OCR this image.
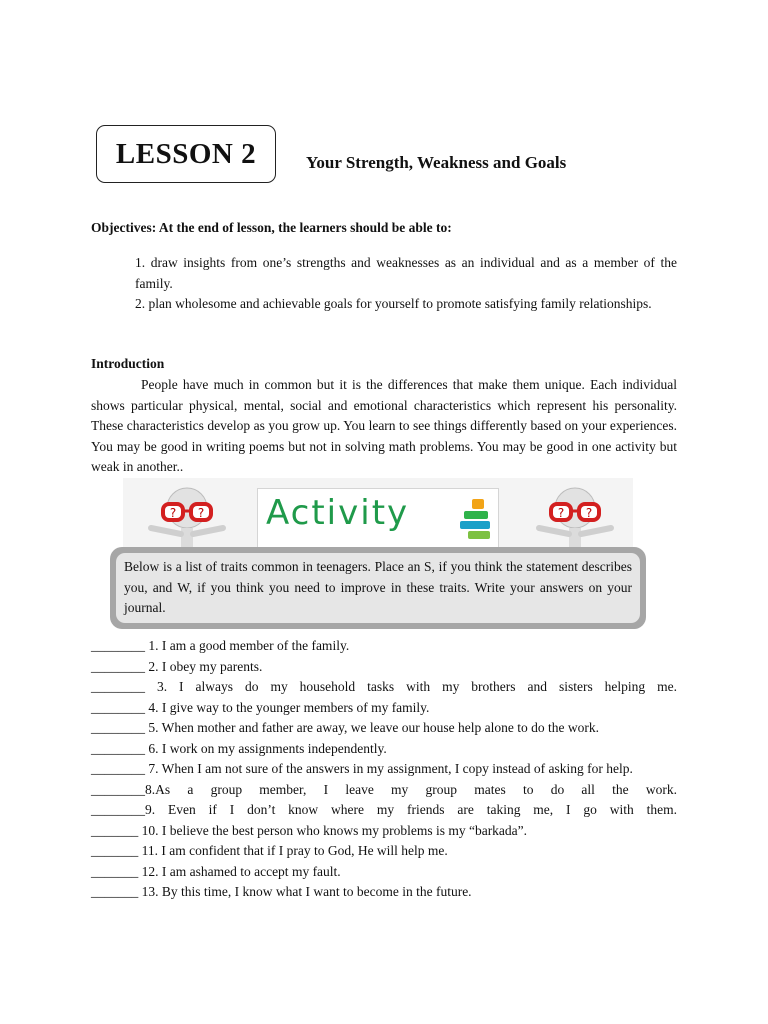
LESSON 2	Your Strength, Weakness and Goals
Objectives: At the end of lesson, the learners should be able to:

1. draw insights from one’s strengths and weaknesses as an individual and as a member of the family.

2. plan wholesome and achievable goals for yourself to promote satisfying family relationships.

Introduction

People have much in common but it is the differences that make them unique. Each individual shows particular physical, mental, social and emotional characteristics which represent his personality. These characteristics develop as you grow up. You learn to see things differently based on your experiences. You may be good in writing poems but not in solving math problems. You may be good in one activity but weak in another..

? ? Activity	? ?
Below is a list of traits common in teenagers. Place an S, if you think the statement describes you, and W, if you think you need to improve in these traits. Write your answers on your journal.

________ 1. I am a good member of the family.

________ 2. I obey my parents.

________ 3. I always do my household tasks with my brothers and sisters helping me.

________ 4. I give way to the younger members of my family.

________ 5. When mother and father are away, we leave our house help alone to do the work.

________ 6. I work on my assignments independently.

________ 7. When I am not sure of the answers in my assignment, I copy instead of asking for help.

________8.As a group member, I leave my group mates to do all the work.

________9. Even if I don’t know where my friends are taking me, I go with them.

_______ 10. I believe the best person who knows my problems is my “barkada”.

_______ 11. I am confident that if I pray to God, He will help me.

_______ 12. I am ashamed to accept my fault.

_______ 13. By this time, I know what I want to become in the future.
